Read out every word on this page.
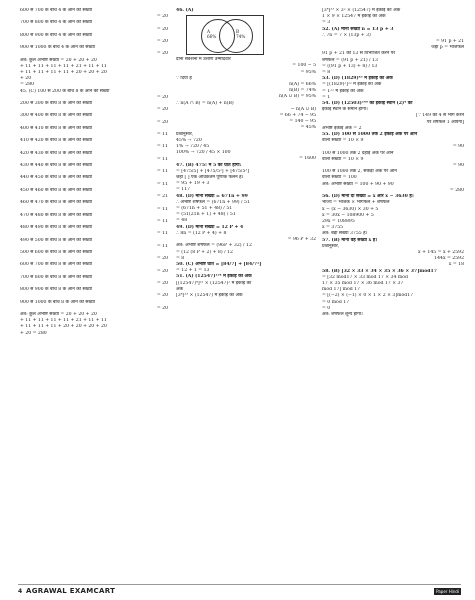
600 से 700 के बीच 4 के आने की संख्या
= 20
700 से 800 के बीच 4 के आने की संख्या
= 20
800 से 900 के बीच 4 के आने की संख्या
= 20
900 से 1000 के बीच 4 के आने की संख्या
= 20
अत: कुल अभीष्ट संख्या = 20 + 20 + 20
+ 11 + 11 + 11 + 11 + 21 + 11 + 11
+ 11 + 11 + 11 + 11 + 20 + 20 + 20
+ 20
= 280
45. (C) 100 से 200 के बीच 8 के आने की संख्या
= 20
200 से 300 के बीच 8 के आने की संख्या
= 20
300 से 400 के बीच 8 के आने की संख्या
= 20
400 से 410 के बीच 8 के आने की संख्या
= 11
410 से 420 के बीच 8 के आने की संख्या
= 11
420 से 430 के बीच 8 के आने की संख्या
= 11
430 से 440 के बीच 8 के आने की संख्या
= 11
440 से 450 के बीच 8 के आने की संख्या
= 11
450 से 460 के बीच 8 के आने की संख्या
= 21
460 से 470 के बीच 8 के आने की संख्या
= 11
470 से 480 के बीच 8 के आने की संख्या
= 11
480 से 490 के बीच 8 के आने की संख्या
= 11
490 से 500 के बीच 8 के आने की संख्या
= 11
500 से 600 के बीच 8 के आने की संख्या
= 20
600 से 700 के बीच 8 के आने की संख्या
= 20
700 से 800 के बीच 8 के आने की संख्या
= 20
800 से 900 के बीच 8 के आने की संख्या
= 20
900 से 1000 के बीच 8 के आने की संख्या
= 20
अत: कुल अभीष्ट संख्या = 20 + 20 + 20
+ 11 + 11 + 11 + 11 + 21 + 11 + 11
+ 11 + 11 + 11 + 20 + 20 + 20 + 20
+ 20 = 280
46. (A)
A
66%
B
74%
दोनों सेक्शनों में उत्तीर्ण उम्मीदवार
= 100 − 5
= 95%
∵ दिया है
n(A) = 66%
n(B) = 74%
n(A ∪ B) = 95%
∴ n(A ∩ B) = n(A) + n(B)
− n(A ∪ B)
= 66 + 74 − 95
= 140 − 95
= 45%
प्रश्नानुसार,
45% → 720
1% → 720 / 45
100% → 720 / 45 × 100
= 1600
47. (B) 475! में 5 की घातें होगी:
= [475/5] + [475/5²] + [475/5³]
जहाँ [ ] एक अधिकतम पूर्णांक फलन है।
= 95 + 19 + 3
= 117
48. (D) माना संख्या = 671n + 99
∴ अभीष्ट शेषफल = (671n + 99) / 51
= (671n + 51 + 48) / 51
= (51(21n + 1) + 48) / 51
= 48
49. (D) माना संख्या = 12 P + 4
∴ 8n = (12 P + 4) + 8
= 96 P + 32
अत: अभीष्ट शेषफल = (96P + 32) / 12
= (12 (8 P + 2) + 8) / 12
= 8
50. (C) अभीष्ट घात = [84/7] + [84/7²]
= 12 + 1 = 13
51. (A) (12547)¹³⁴ में इकाई का अंक
[(12547)⁴]³³ × (12547)² में इकाई का
अंक
[3⁴]³³ × (12547) में इकाई का अंक
[3⁴]³³ × 3² × (12547) में इकाई का अंक
1 × 9 × 12547 में इकाई का अंक
= 3
52. (A) माना संख्या n = 13 p + 3
∴ 7n = 7 × (13p + 3)
= 91 p + 21
जहाँ p = भाजफल
91 p + 21 को 13 से विभाजित करने पर
शेषफल = (91 p + 21) / 13
= ((91 p + 13) + 8) / 13
= 8
53. (D) (1829)⁴⁵ में इकाई का अंक
= [(1829)²]²² में इकाई का अंक
= 1²² में इकाई का अंक
= 1
54. (D) (12503)¹⁴⁹ का इकाई स्थान (2)⁴ का
इकाई स्थान के समान होगा।
[∵ 149 को 4 से भाग करने
पर शेषफल 1 आयेगा]
अभीष्ट इकाई अंक = 2
55. (D) 100 से 1000 तक 2 इकाई अंक पर आने
वाली संख्या = 10 × 9
= 90
100 से 1000 तक 2 दहाई अंक पर आने
वाली संख्या = 10 × 9
= 90
100 से 1000 तक 2, सैकड़ा अंक पर आने
वाली संख्या = 100
अत: अभीष्ट संख्या = 100 + 90 + 90
= 280
56. (D) माना दी संख्या = x और x − 3630 है।
भाज्य = भाजक × भागफल + शेषफल
x − (x − 3630) × 30 + 5
x = 30x − 108900 + 5
29x = 108895
x = 3755
अत: बड़ी संख्या 3755 है।
57. (B) माना वह संख्या x है।
प्रश्नानुसार,
x + 145 = x + 2592
144x = 2592
x = 18
58. (B) [32 × 33 × 34 × 35 × 36 × 37]mod17
= [32 mod17 × 33 mod 17 × 34 mod
17 × 35 mod 17 × 36 mod 17 × 37
mod 17] mod 17
= [(−2) × (−1) × 0 × 1 × 2 × 3]mod17
= 0 mod 17
= 0
अत: शेषफल शून्य होगा।
4 AGRAWAL EXAMCART	Paper Hindi
